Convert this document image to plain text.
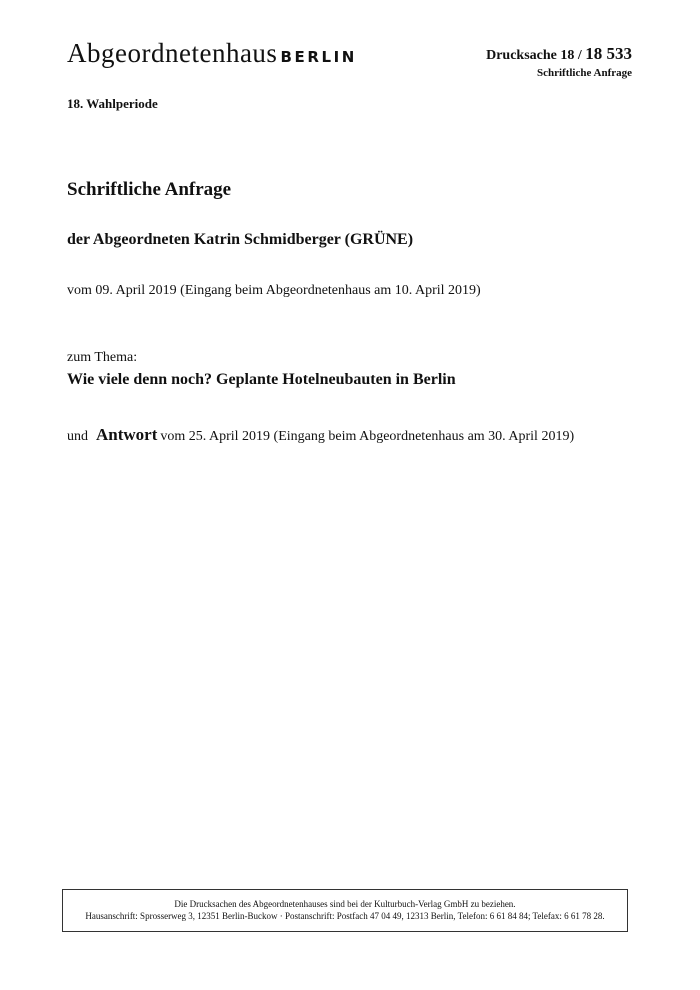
Abgeordnetenhaus BERLIN	Drucksache 18 / 18 533
Schriftliche Anfrage
18. Wahlperiode
Schriftliche Anfrage
der Abgeordneten Katrin Schmidberger (GRÜNE)
vom 09. April 2019 (Eingang beim Abgeordnetenhaus am 10. April 2019)
zum Thema:
Wie viele denn noch? Geplante Hotelneubauten in Berlin
und Antwort vom 25. April 2019 (Eingang beim Abgeordnetenhaus am 30. April 2019)
Die Drucksachen des Abgeordnetenhauses sind bei der Kulturbuch-Verlag GmbH zu beziehen.
Hausanschrift: Sprosserweg 3, 12351 Berlin-Buckow · Postanschrift: Postfach 47 04 49, 12313 Berlin, Telefon: 6 61 84 84; Telefax: 6 61 78 28.
